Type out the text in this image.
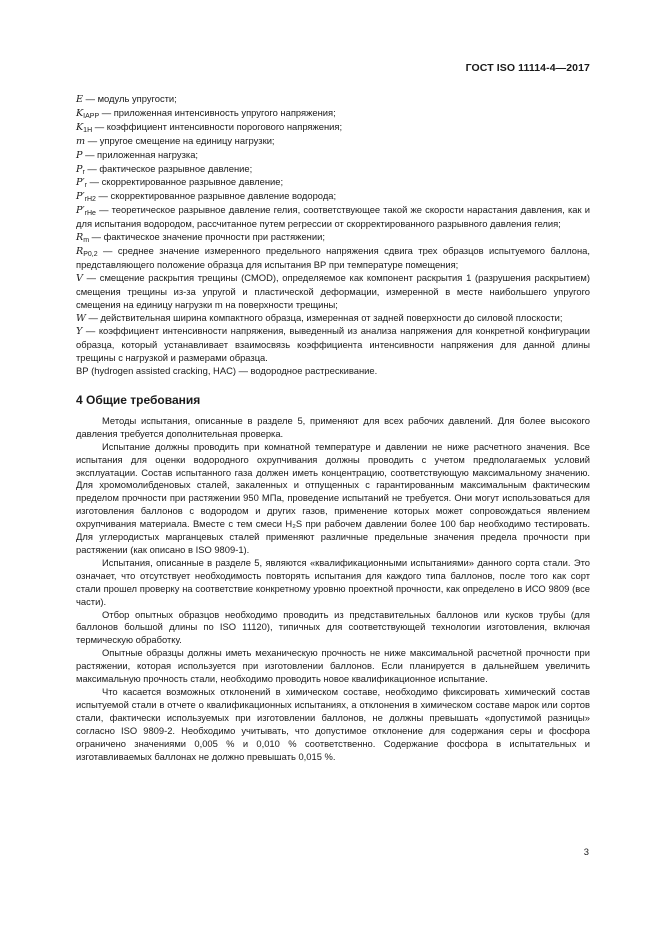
ГОСТ ISO 11114-4—2017

E — модуль упругости;

$K_{IAPP}$ — приложенная интенсивность упругого напряжения;

$K_{1H}$ — коэффициент интенсивности порогового напряжения;

m — упругое смещение на единицу нагрузки;

P — приложенная нагрузка;

$P_r$ — фактическое разрывное давление;

$P'_r$ — скорректированное разрывное давление;

$P'_{rH2}$ — скорректированное разрывное давление водорода;

$P'_{rHe}$ — теоретическое разрывное давление гелия, соответствующее такой же скорости нарастания давления, как и для испытания водородом, рассчитанное путем регрессии от скорректированного разрывного давления гелия;

$R_m$ — фактическое значение прочности при растяжении;

$R_{P0,2}$ — среднее значение измеренного предельного напряжения сдвига трех образцов испытуемого баллона, представляющего положение образца для испытания ВР при температуре помещения;

V — смещение раскрытия трещины (CMOD), определяемое как компонент раскрытия 1 (разрушения раскрытием) смещения трещины из-за упругой и пластической деформации, измеренной в месте наибольшего упругого смещения на единицу нагрузки m на поверхности трещины;

W — действительная ширина компактного образца, измеренная от задней поверхности до силовой плоскости;

Y — коэффициент интенсивности напряжения, выведенный из анализа напряжения для конкретной конфигурации образца, который устанавливает взаимосвязь коэффициента интенсивности напряжения для данной длины трещины с нагрузкой и размерами образца.

ВР (hydrogen assisted cracking, HAC) — водородное растрескивание.

4 Общие требования

Методы испытания, описанные в разделе 5, применяют для всех рабочих давлений. Для более высокого давления требуется дополнительная проверка.

Испытание должны проводить при комнатной температуре и давлении не ниже расчетного значения. Все испытания для оценки водородного охрупчивания должны проводить с учетом предполагаемых условий эксплуатации. Состав испытанного газа должен иметь концентрацию, соответствующую максимальному значению. Для хромомолибденовых сталей, закаленных и отпущенных с гарантированным максимальным фактическим пределом прочности при растяжении 950 МПа, проведение испытаний не требуется. Они могут использоваться для изготовления баллонов с водородом и других газов, применение которых может сопровождаться явлением охрупчивания материала. Вместе с тем смеси H₂S при рабочем давлении более 100 бар необходимо тестировать. Для углеродистых марганцевых сталей применяют различные предельные значения предела прочности при растяжении (как описано в ISO 9809-1).

Испытания, описанные в разделе 5, являются «квалификационными испытаниями» данного сорта стали. Это означает, что отсутствует необходимость повторять испытания для каждого типа баллонов, после того как сорт стали прошел проверку на соответствие конкретному уровню проектной прочности, как определено в ИСО 9809 (все части).

Отбор опытных образцов необходимо проводить из представительных баллонов или кусков трубы (для баллонов большой длины по ISO 11120), типичных для соответствующей технологии изготовления, включая термическую обработку.

Опытные образцы должны иметь механическую прочность не ниже максимальной расчетной прочности при растяжении, которая используется при изготовлении баллонов. Если планируется в дальнейшем увеличить максимальную прочность стали, необходимо проводить новое квалификационное испытание.

Что касается возможных отклонений в химическом составе, необходимо фиксировать химический состав испытуемой стали в отчете о квалификационных испытаниях, а отклонения в химическом составе марок или сортов стали, фактически используемых при изготовлении баллонов, не должны превышать «допустимой разницы» согласно ISO 9809-2. Необходимо учитывать, что допустимое отклонение для содержания серы и фосфора ограничено значениями 0,005 % и 0,010 % соответственно. Содержание фосфора в испытательных и изготавливаемых баллонах не должно превышать 0,015 %.

3
